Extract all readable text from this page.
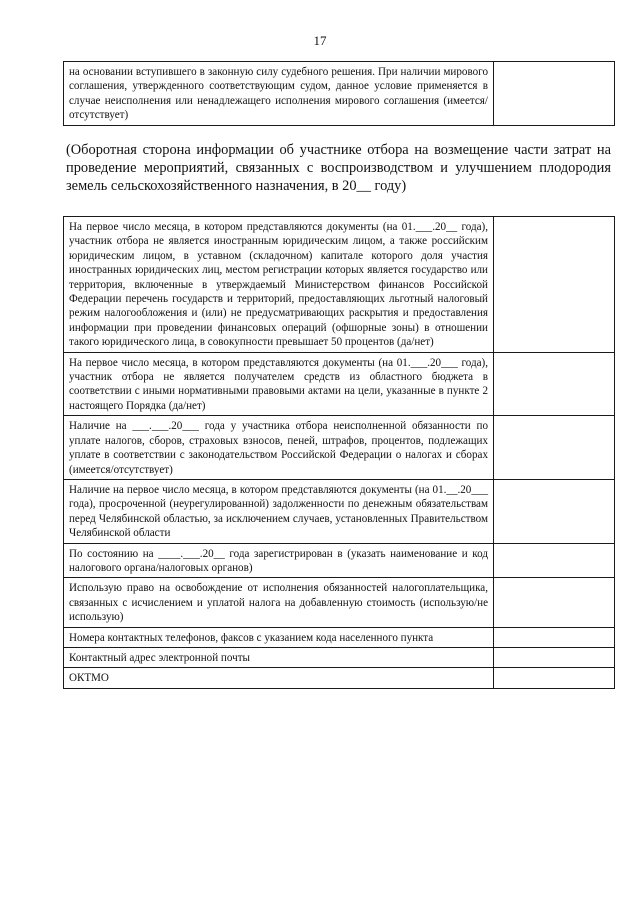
17
на основании вступившего в законную силу судебного решения. При наличии мирового соглашения, утвержденного соответствующим судом, данное условие применяется в случае неисполнения или ненадлежащего исполнения мирового соглашения (имеется/отсутствует)	
(Оборотная сторона информации об участнике отбора на возмещение части затрат на проведение мероприятий, связанных с воспроизводством и улучшением плодородия земель сельскохозяйственного назначения, в 20__ году)
На первое число месяца, в котором представляются документы (на 01.___.20__ года), участник отбора не является иностранным юридическим лицом, а также российским юридическим лицом, в уставном (складочном) капитале которого доля участия иностранных юридических лиц, местом регистрации которых является государство или территория, включенные в утверждаемый Министерством финансов Российской Федерации перечень государств и территорий, предоставляющих льготный налоговый режим налогообложения и (или) не предусматривающих раскрытия и предоставления информации при проведении финансовых операций (офшорные зоны) в отношении такого юридического лица, в совокупности превышает 50 процентов (да/нет)	
На первое число месяца, в котором представляются документы (на 01.___.20___ года), участник отбора не является получателем средств из областного бюджета в соответствии с иными нормативными правовыми актами на цели, указанные в пункте 2 настоящего Порядка (да/нет)	
Наличие на ___.___.20___ года у участника отбора неисполненной обязанности по уплате налогов, сборов, страховых взносов, пеней, штрафов, процентов, подлежащих уплате в соответствии с законодательством Российской Федерации о налогах и сборах (имеется/отсутствует)	
Наличие на первое число месяца, в котором представляются документы (на 01.__.20___ года), просроченной (неурегулированной) задолженности по денежным обязательствам перед Челябинской областью, за исключением случаев, установленных Правительством Челябинской области	
По состоянию на ____.___.20__ года зарегистрирован в (указать наименование и код налогового органа/налоговых органов)	
Использую право на освобождение от исполнения обязанностей налогоплательщика, связанных с исчислением и уплатой налога на добавленную стоимость (использую/не использую)	
Номера контактных телефонов, факсов с указанием кода населенного пункта	
Контактный адрес электронной почты	
ОКТМО	
